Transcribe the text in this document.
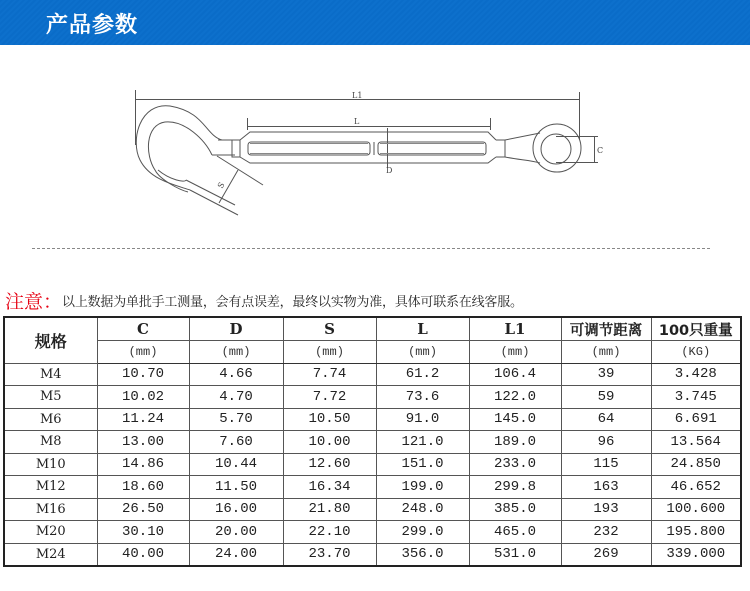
产品参数
L1
L
C
D
S
注意：以上数据为单批手工测量，会有点误差，最终以实物为准，具体可联系在线客服。
规格	C	D	S	L	L1	可调节距离	100只重量
	(mm)	(mm)	(mm)	(mm)	(mm)	(mm)	(KG)
M4	10.70	4.66	7.74	61.2	106.4	39	3.428
M5	10.02	4.70	7.72	73.6	122.0	59	3.745
M6	11.24	5.70	10.50	91.0	145.0	64	6.691
M8	13.00	7.60	10.00	121.0	189.0	96	13.564
M10	14.86	10.44	12.60	151.0	233.0	115	24.850
M12	18.60	11.50	16.34	199.0	299.8	163	46.652
M16	26.50	16.00	21.80	248.0	385.0	193	100.600
M20	30.10	20.00	22.10	299.0	465.0	232	195.800
M24	40.00	24.00	23.70	356.0	531.0	269	339.000
